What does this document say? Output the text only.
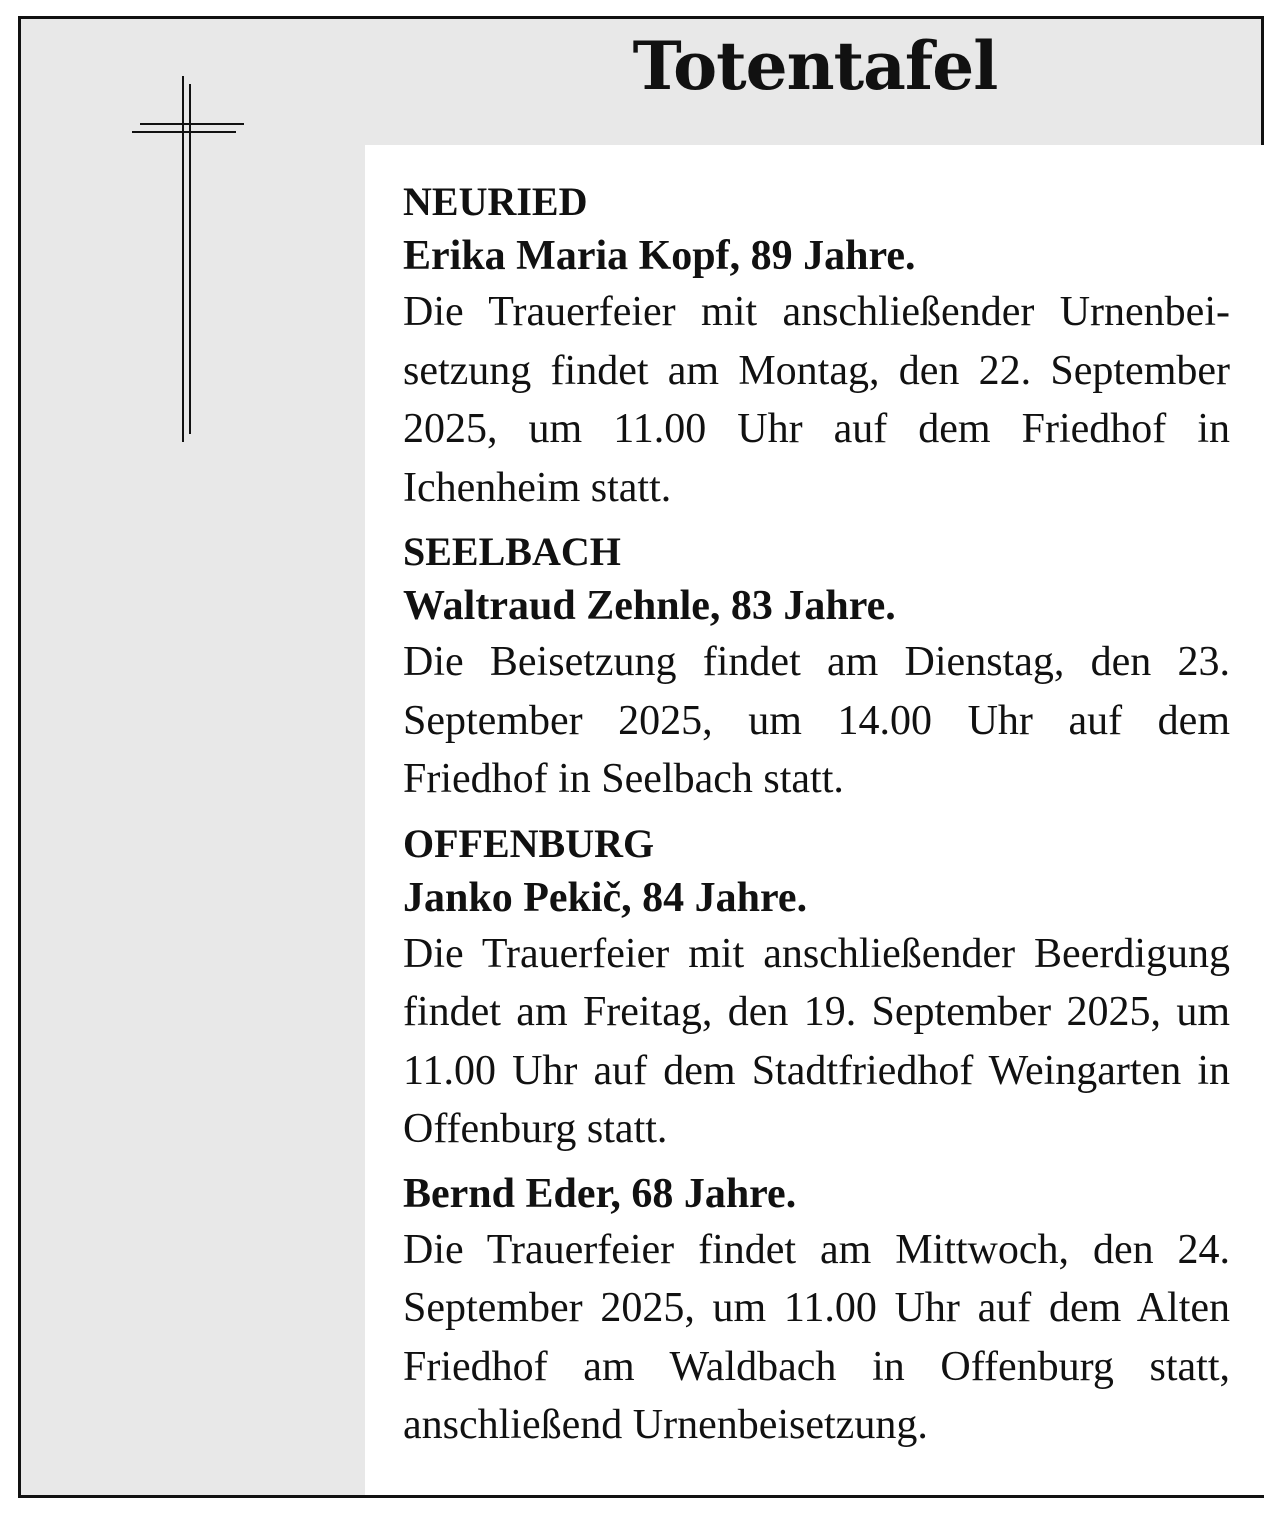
Totentafel
NEURIED
Erika Maria Kopf, 89 Jahre.
Die Trauerfeier mit anschließender Urnenbeisetzung findet am Montag, den 22. September 2025, um 11.00 Uhr auf dem Friedhof in Ichenheim statt.
SEELBACH
Waltraud Zehnle, 83 Jahre.
Die Beisetzung findet am Dienstag, den 23. September 2025, um 14.00 Uhr auf dem Friedhof in Seelbach statt.
OFFENBURG
Janko Pekič, 84 Jahre.
Die Trauerfeier mit anschließender Beerdigung findet am Freitag, den 19. September 2025, um 11.00 Uhr auf dem Stadtfriedhof Weingarten in Offenburg statt.
Bernd Eder, 68 Jahre.
Die Trauerfeier findet am Mittwoch, den 24. September 2025, um 11.00 Uhr auf dem Alten Friedhof am Waldbach in Offenburg statt, anschließend Urnenbeisetzung.
